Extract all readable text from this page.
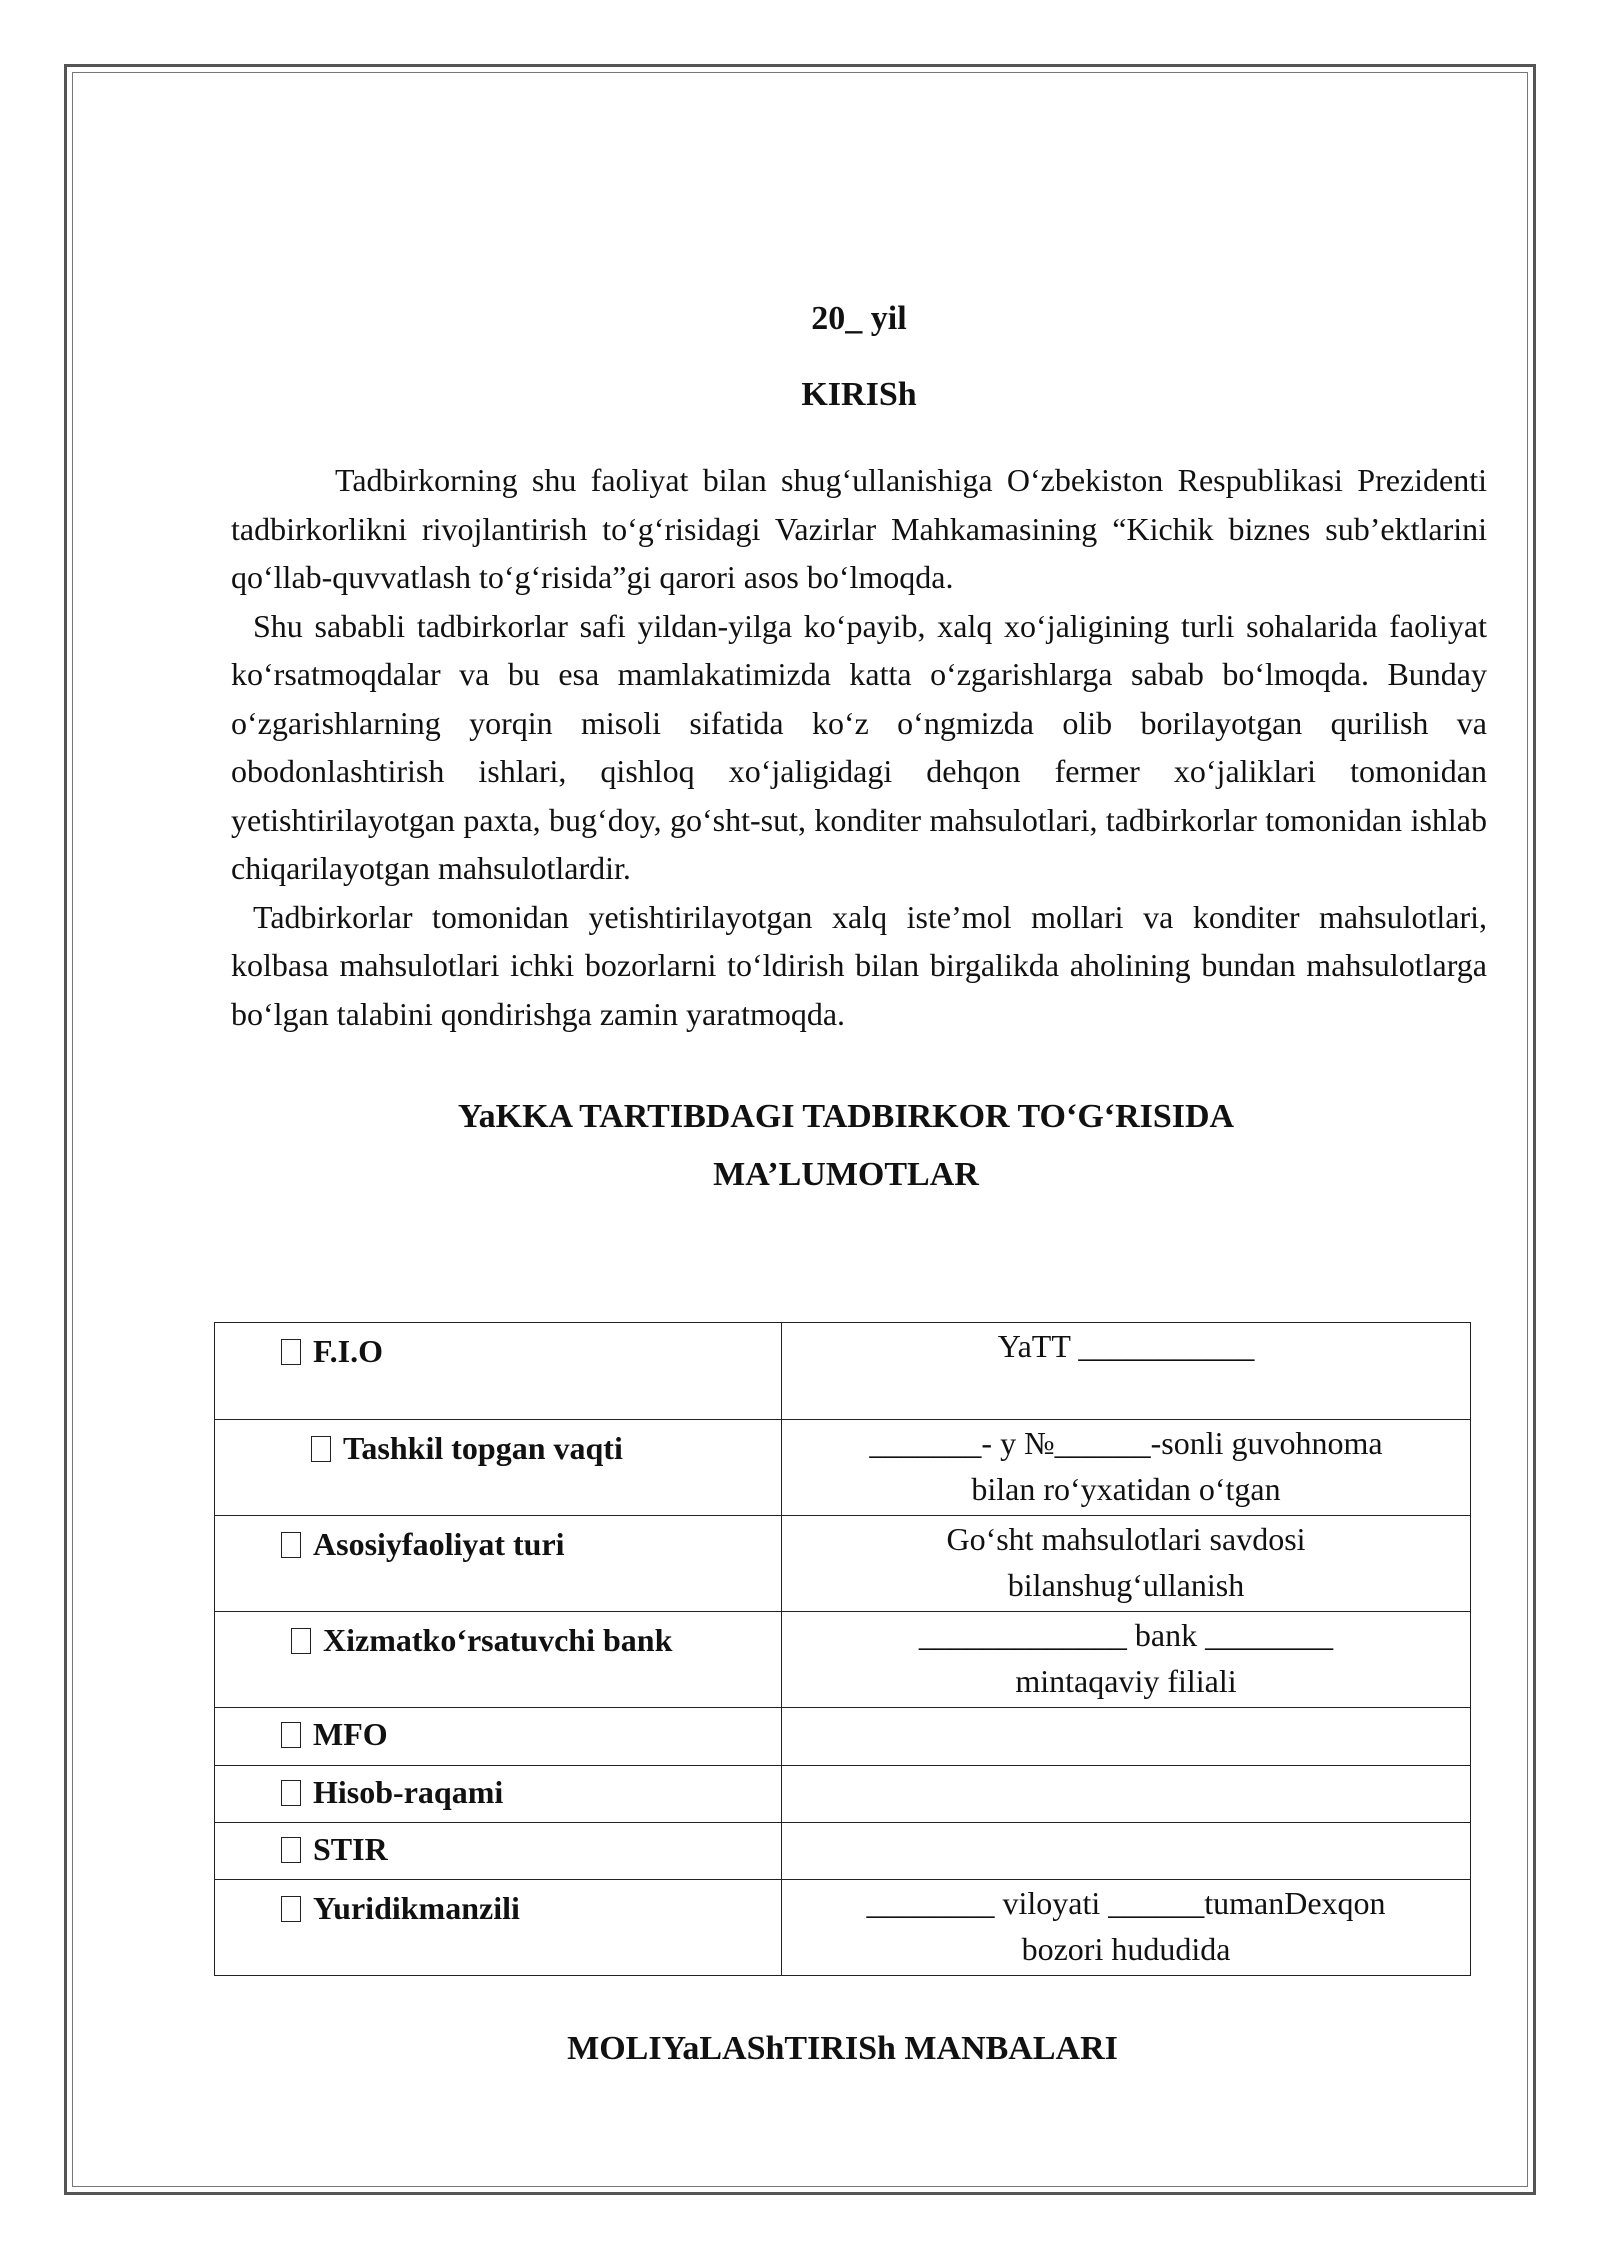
20_ yil

KIRISh

Tadbirkorning shu faoliyat bilan shug‘ullanishiga O‘zbekiston Respublikasi Prezidenti tadbirkorlikni rivojlantirish to‘g‘risidagi Vazirlar Mahkamasining “Kichik biznes sub’ektlarini qo‘llab-quvvatlash to‘g‘risida”gi qarori asos bo‘lmoqda.

Shu sababli tadbirkorlar safi yildan-yilga ko‘payib, xalq xo‘jaligining turli sohalarida faoliyat ko‘rsatmoqdalar va bu esa mamlakatimizda katta o‘zgarishlarga sabab bo‘lmoqda. Bunday o‘zgarishlarning yorqin misoli sifatida ko‘z o‘ngmizda olib borilayotgan qurilish va obodonlashtirish ishlari, qishloq xo‘jaligidagi dehqon fermer xo‘jaliklari tomonidan yetishtirilayotgan paxta, bug‘doy, go‘sht-sut, konditer mahsulotlari, tadbirkorlar tomonidan ishlab chiqarilayotgan mahsulotlardir.

Tadbirkorlar tomonidan yetishtirilayotgan xalq iste’mol mollari va konditer mahsulotlari, kolbasa mahsulotlari ichki bozorlarni to‘ldirish bilan birgalikda aholining bundan mahsulotlarga bo‘lgan talabini qondirishga zamin yaratmoqda.

YaKKA TARTIBDAGI TADBIRKOR TO‘G‘RISIDA

MA’LUMOTLAR

F.I.O	YaTT ___________

Tashkil topgan vaqti	_______- y №______-sonli guvohnoma
bilan ro‘yxatidan o‘tgan

Asosiyfaoliyat turi	Go‘sht mahsulotlari savdosi
bilanshug‘ullanish

Xizmatko‘rsatuvchi bank	_____________ bank ________
mintaqaviy filiali

MFO	

Hisob-raqami	

STIR	

Yuridikmanzili	________ viloyati ______tumanDexqon
bozori hududida

MOLIYaLAShTIRISh MANBALARI
